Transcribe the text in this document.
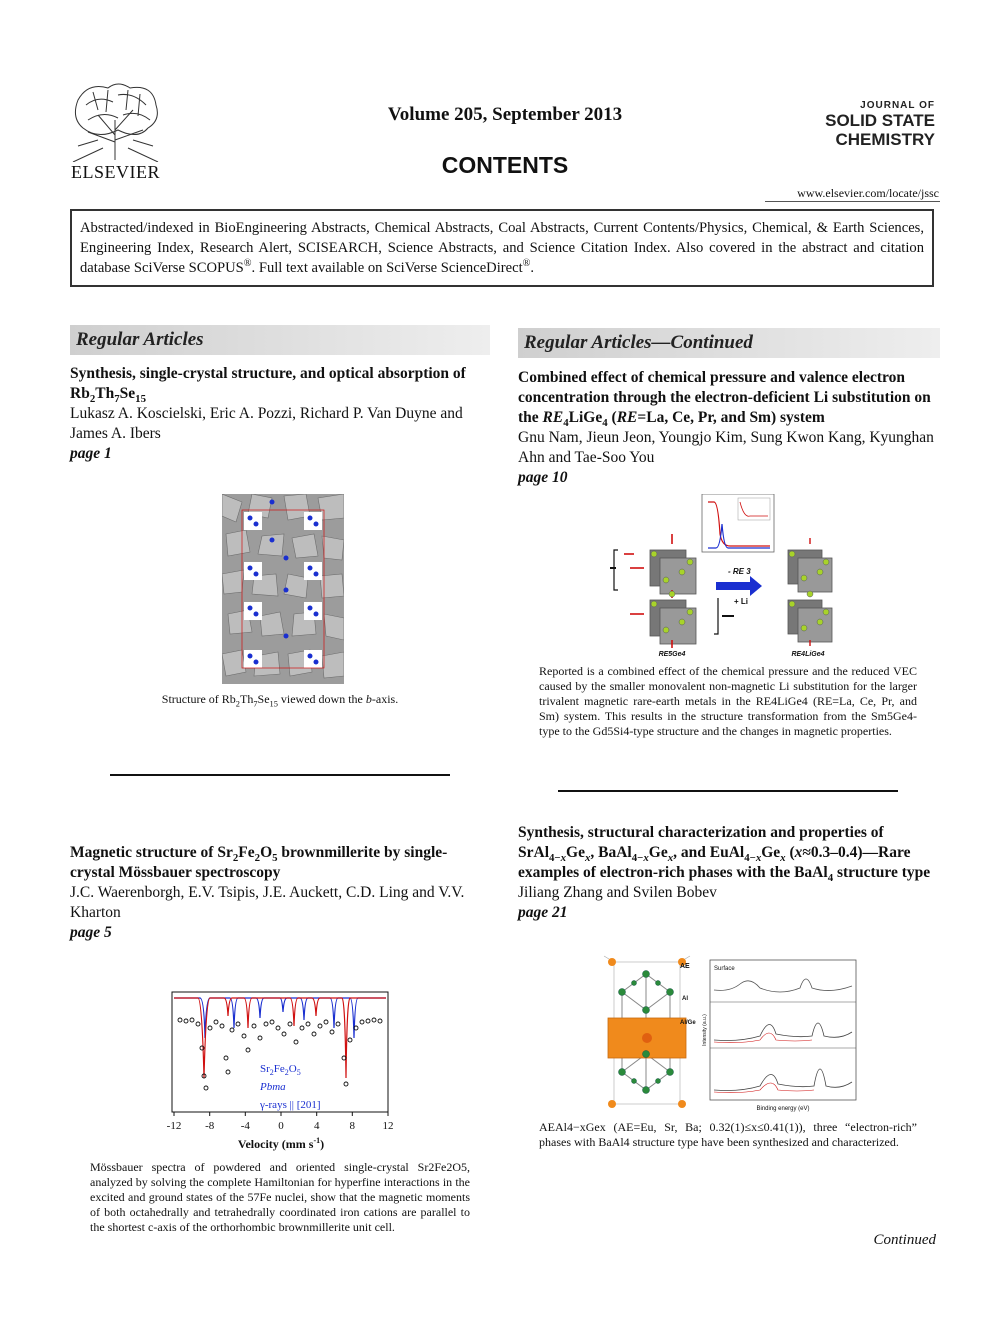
ELSEVIER
Volume 205, September 2013
CONTENTS
JOURNAL OF
SOLID STATE
CHEMISTRY
www.elsevier.com/locate/jssc
Abstracted/indexed in BioEngineering Abstracts, Chemical Abstracts, Coal Abstracts, Current Contents/Physics, Chemical, & Earth Sciences, Engineering Index, Research Alert, SCISEARCH, Science Abstracts, and Science Citation Index. Also covered in the abstract and citation database SciVerse SCOPUS®. Full text available on SciVerse ScienceDirect®.
Regular Articles	Regular Articles—Continued
Synthesis, single-crystal structure, and optical absorption of $Rb_2Th_7Se_{15}$
Lukasz A. Koscielski, Eric A. Pozzi, Richard P. Van Duyne and James A. Ibers
page 1
Structure of $Rb_2Th_7Se_{15}$ viewed down the b-axis.
Magnetic structure of $Sr_2Fe_2O_5$ brownmillerite by single-crystal Mössbauer spectroscopy
J.C. Waerenborgh, E.V. Tsipis, J.E. Auckett, C.D. Ling and V.V. Kharton
page 5
$Sr_2Fe_2O_5$
Pbma
γ-rays || [201]
-12 -8 -4	0	4	8 12
Velocity (mm $s^{-1}$)
Mössbauer spectra of powdered and oriented single-crystal Sr2Fe2O5, analyzed by solving the complete Hamiltonian for hyperfine interactions in the excited and ground states of the 57Fe nuclei, show that the magnetic moments of both octahedrally and tetrahedrally coordinated iron cations are parallel to the shortest c-axis of the orthorhombic brownmillerite unit cell.
Combined effect of chemical pressure and valence electron concentration through the electron-deficient Li substitution on the $RE_4LiGe_4$ (RE=La, Ce, Pr, and Sm) system
Gnu Nam, Jieun Jeon, Youngjo Kim, Sung Kwon Kang, Kyunghan Ahn and Tae-Soo You
page 10
- RE 3
+ Li
RE5Ge4	RE4LiGe4
Reported is a combined effect of the chemical pressure and the reduced VEC caused by the smaller monovalent non-magnetic Li substitution for the larger trivalent magnetic rare-earth metals in the RE4LiGe4 (RE=La, Ce, Pr, and Sm) system. This results in the structure transformation from the Sm5Ge4-type to the Gd5Si4-type structure and the changes in magnetic properties.
Synthesis, structural characterization and properties of $SrAl_{4-x}Ge_x$, $BaAl_{4-x}Ge_x$, and $EuAl_{4-x}Ge_x$ (x≈0.3–0.4)—Rare examples of electron-rich phases with the BaAl$_4$ structure type
Jiliang Zhang and Svilen Bobev
page 21
AE
Al
Al/Ge
Surface
Binding energy (eV)
Intensity (a.u.)
AEAl4−xGex (AE=Eu, Sr, Ba; 0.32(1)≤x≤0.41(1)), three “electron-rich” phases with BaAl4 structure type have been synthesized and characterized.
Continued
